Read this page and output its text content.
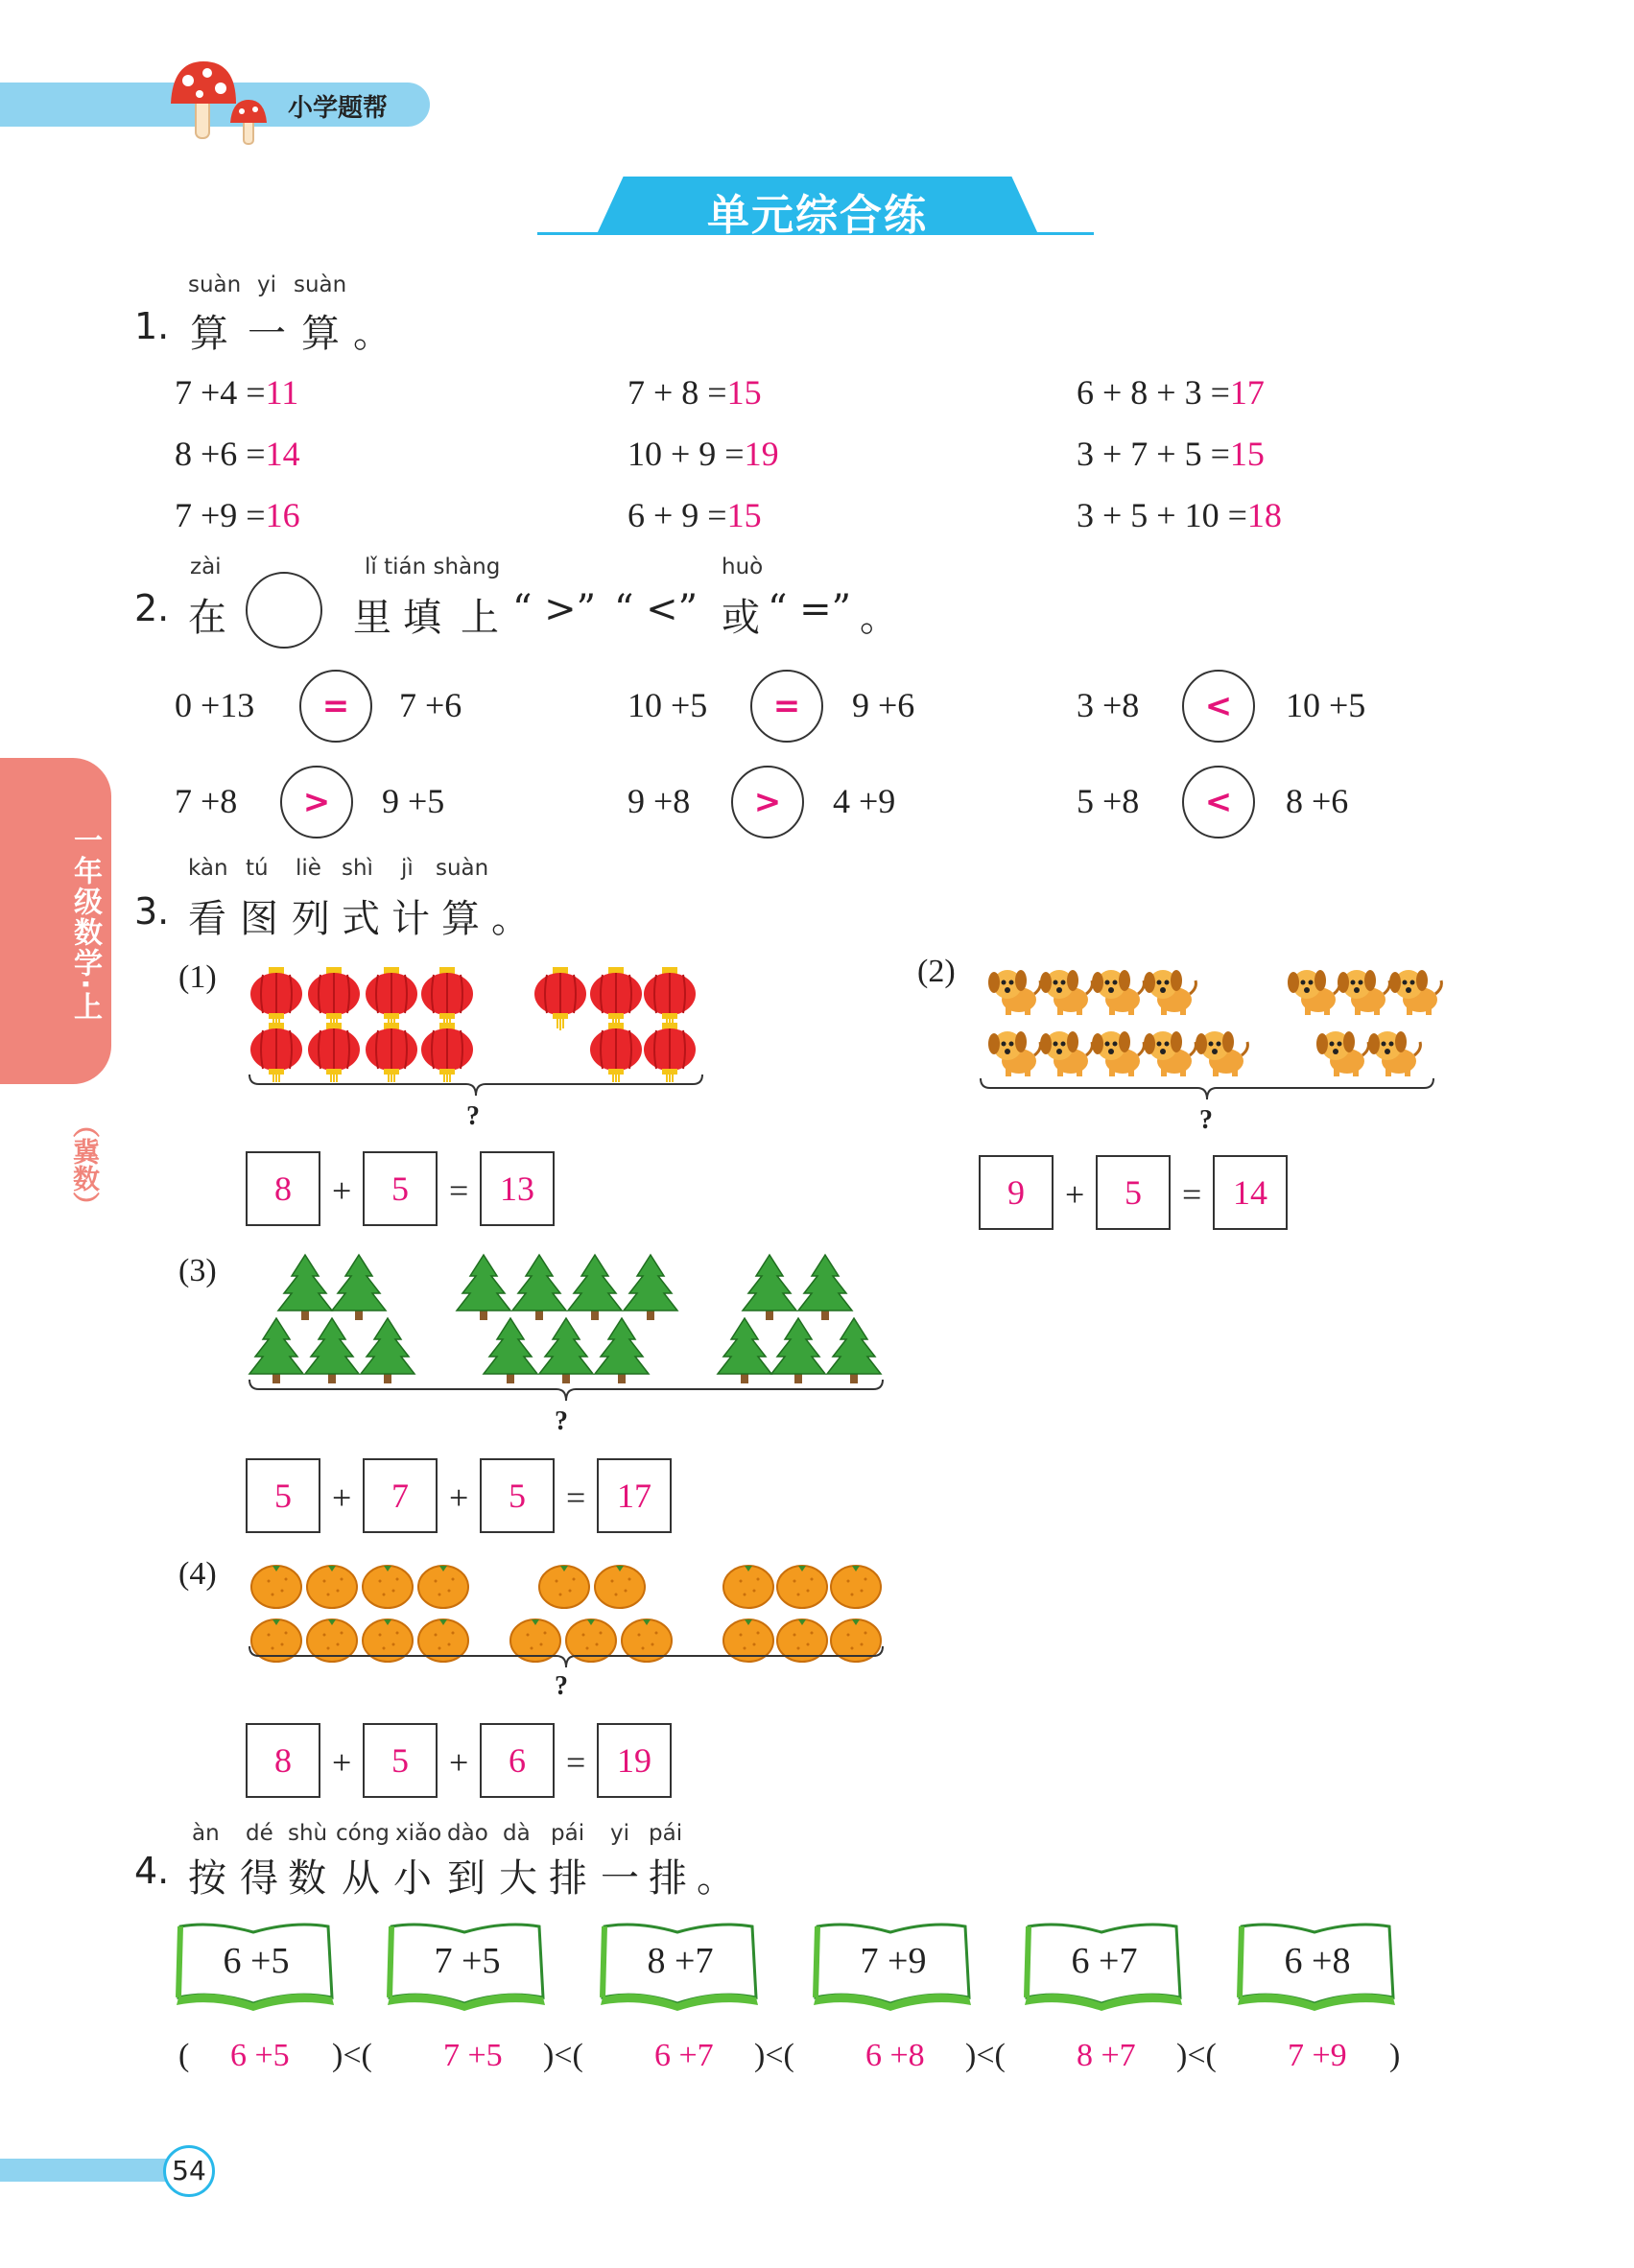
小学题帮
单元综合练
一年级数学·上
（冀数）
suàn yi suàn
1. 算 一 算 。
7 +4 =11	7 + 8 =15	6 + 8 + 3 =17
8 +6 =14	10 + 9 =19	3 + 7 + 5 =15
7 +9 =16	6 + 9 =15	3 + 5 + 10 =18
zài	lǐ tián shàng	huò
2. 在	里 填 上 “ >” “ <” 或 “ =” 。
0 +13	=	7 +6	10 +5	=	9 +6	3 +8	<	10 +5
7 +8	>	9 +5	9 +8	>	4 +9	5 +8	<	8 +6
kàn tú liè shì jì suàn
3. 看 图 列 式 计 算 。
(1)
?
8	+	5	= 13
(2)
?
9	+	5	= 14
(3)
?
5	+	7	+	5	= 17
(4)
?
8	+	5	+	6	= 19
àn dé shù cóng xiǎo dào dà pái yi pái
4. 按 得 数 从 小 到 大 排 一 排 。
6 +5	7 +5	8 +7	7 +9	6 +7	6 +8
( 6 +5 )<( 7 +5 )<( 6 +7 )<( 6 +8 )<( 8 +7 )<( 7 +9 )
54
